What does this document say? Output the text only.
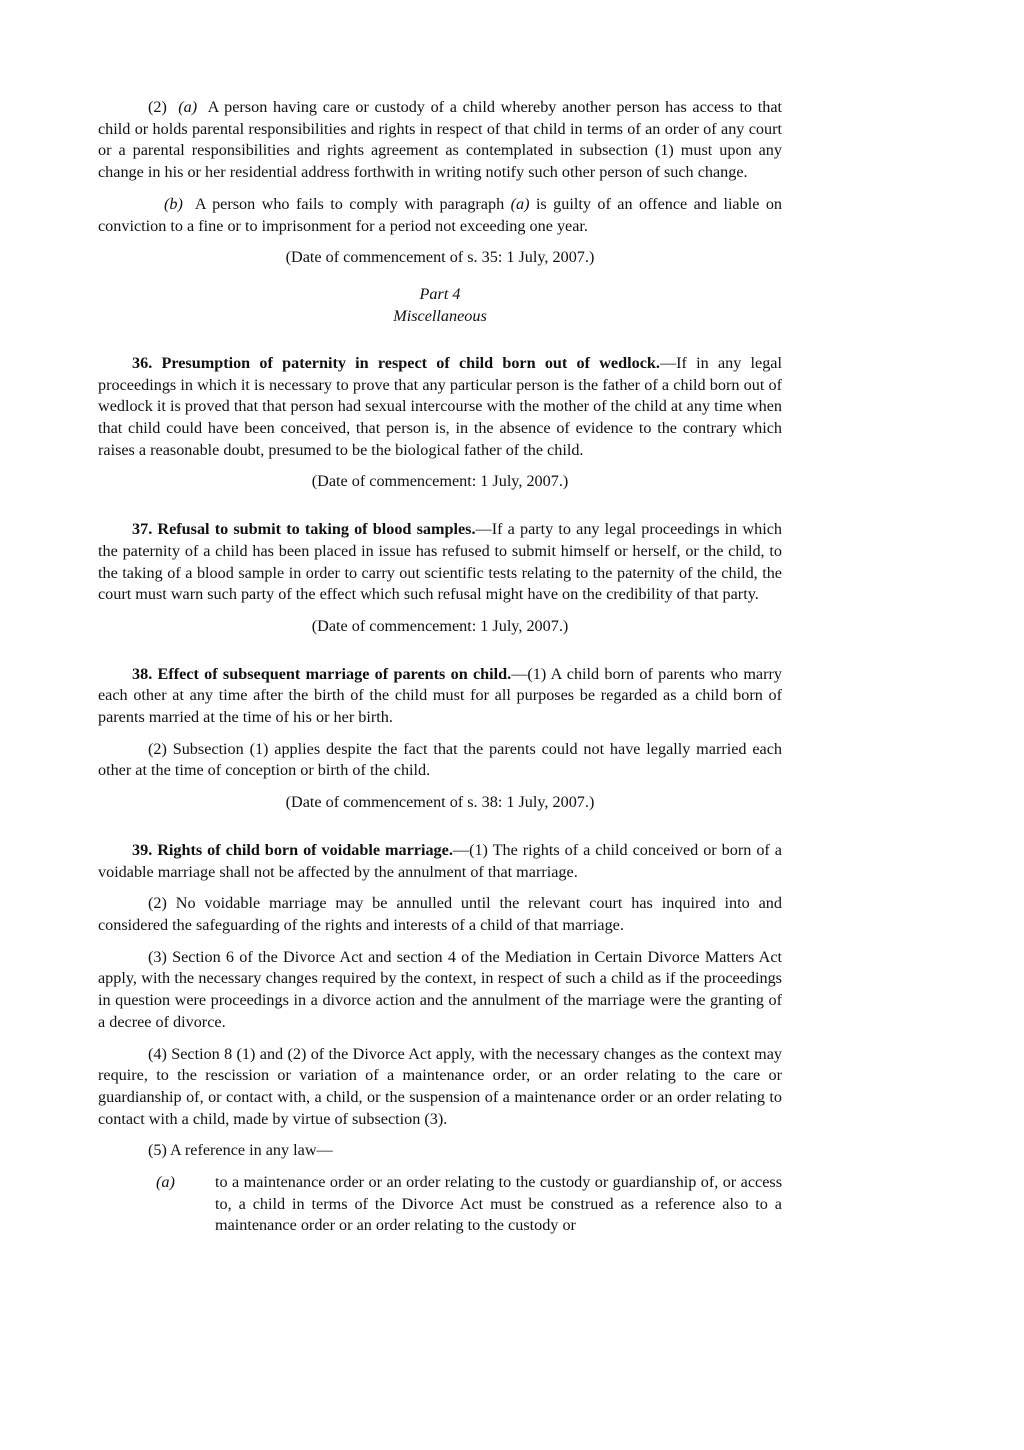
(2) (a) A person having care or custody of a child whereby another person has access to that child or holds parental responsibilities and rights in respect of that child in terms of an order of any court or a parental responsibilities and rights agreement as contemplated in subsection (1) must upon any change in his or her residential address forthwith in writing notify such other person of such change.

(b) A person who fails to comply with paragraph (a) is guilty of an offence and liable on conviction to a fine or to imprisonment for a period not exceeding one year.

(Date of commencement of s. 35: 1 July, 2007.)

Part 4
Miscellaneous

36. Presumption of paternity in respect of child born out of wedlock.—If in any legal proceedings in which it is necessary to prove that any particular person is the father of a child born out of wedlock it is proved that that person had sexual intercourse with the mother of the child at any time when that child could have been conceived, that person is, in the absence of evidence to the contrary which raises a reasonable doubt, presumed to be the biological father of the child.

(Date of commencement: 1 July, 2007.)

37. Refusal to submit to taking of blood samples.—If a party to any legal proceedings in which the paternity of a child has been placed in issue has refused to submit himself or herself, or the child, to the taking of a blood sample in order to carry out scientific tests relating to the paternity of the child, the court must warn such party of the effect which such refusal might have on the credibility of that party.

(Date of commencement: 1 July, 2007.)

38. Effect of subsequent marriage of parents on child.—(1) A child born of parents who marry each other at any time after the birth of the child must for all purposes be regarded as a child born of parents married at the time of his or her birth.

(2) Subsection (1) applies despite the fact that the parents could not have legally married each other at the time of conception or birth of the child.

(Date of commencement of s. 38: 1 July, 2007.)

39. Rights of child born of voidable marriage.—(1) The rights of a child conceived or born of a voidable marriage shall not be affected by the annulment of that marriage.

(2) No voidable marriage may be annulled until the relevant court has inquired into and considered the safeguarding of the rights and interests of a child of that marriage.

(3) Section 6 of the Divorce Act and section 4 of the Mediation in Certain Divorce Matters Act apply, with the necessary changes required by the context, in respect of such a child as if the proceedings in question were proceedings in a divorce action and the annulment of the marriage were the granting of a decree of divorce.

(4) Section 8 (1) and (2) of the Divorce Act apply, with the necessary changes as the context may require, to the rescission or variation of a maintenance order, or an order relating to the care or guardianship of, or contact with, a child, or the suspension of a maintenance order or an order relating to contact with a child, made by virtue of subsection (3).

(5) A reference in any law—

(a)	to a maintenance order or an order relating to the custody or guardianship of, or access to, a child in terms of the Divorce Act must be construed as a reference also to a maintenance order or an order relating to the custody or
